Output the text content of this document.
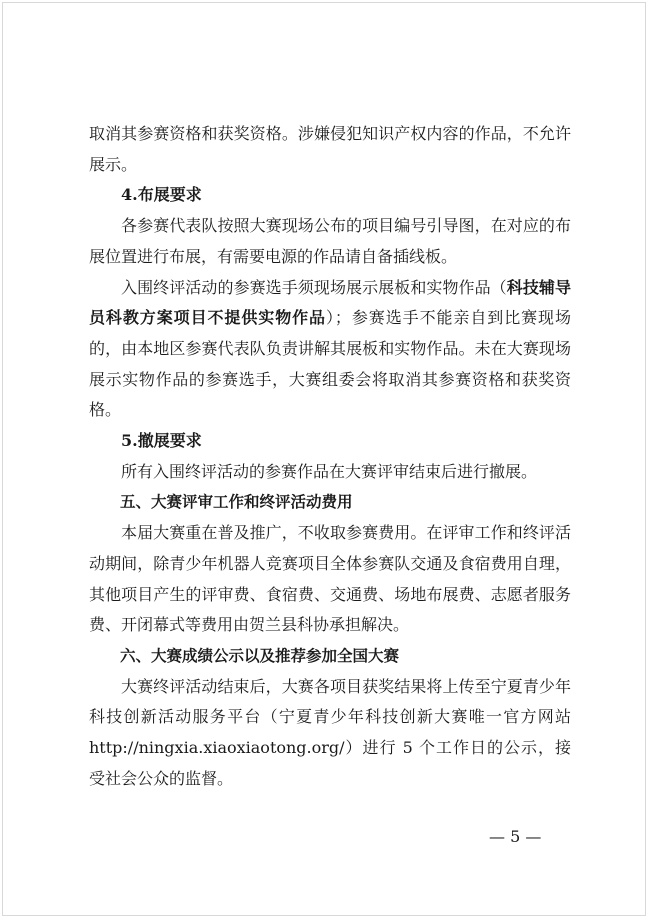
取消其参赛资格和获奖资格。涉嫌侵犯知识产权内容的作品，不允许展示。

4.布展要求

各参赛代表队按照大赛现场公布的项目编号引导图，在对应的布展位置进行布展，有需要电源的作品请自备插线板。

入围终评活动的参赛选手须现场展示展板和实物作品（科技辅导员科教方案项目不提供实物作品）；参赛选手不能亲自到比赛现场的，由本地区参赛代表队负责讲解其展板和实物作品。未在大赛现场展示实物作品的参赛选手，大赛组委会将取消其参赛资格和获奖资格。

5.撤展要求

所有入围终评活动的参赛作品在大赛评审结束后进行撤展。

五、大赛评审工作和终评活动费用

本届大赛重在普及推广，不收取参赛费用。在评审工作和终评活动期间，除青少年机器人竞赛项目全体参赛队交通及食宿费用自理，其他项目产生的评审费、食宿费、交通费、场地布展费、志愿者服务费、开闭幕式等费用由贺兰县科协承担解决。

六、大赛成绩公示以及推荐参加全国大赛

大赛终评活动结束后，大赛各项目获奖结果将上传至宁夏青少年科技创新活动服务平台（宁夏青少年科技创新大赛唯一官方网站 http://ningxia.xiaoxiaotong.org/）进行 5 个工作日的公示，接受社会公众的监督。

— 5 —
